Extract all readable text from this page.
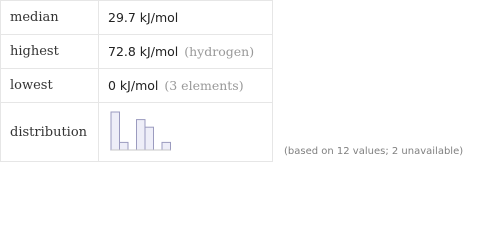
median	29.7 kJ/mol
highest	72.8 kJ/mol (hydrogen)
lowest	0 kJ/mol (3 elements)
distribution	
(based on 12 values; 2 unavailable)
